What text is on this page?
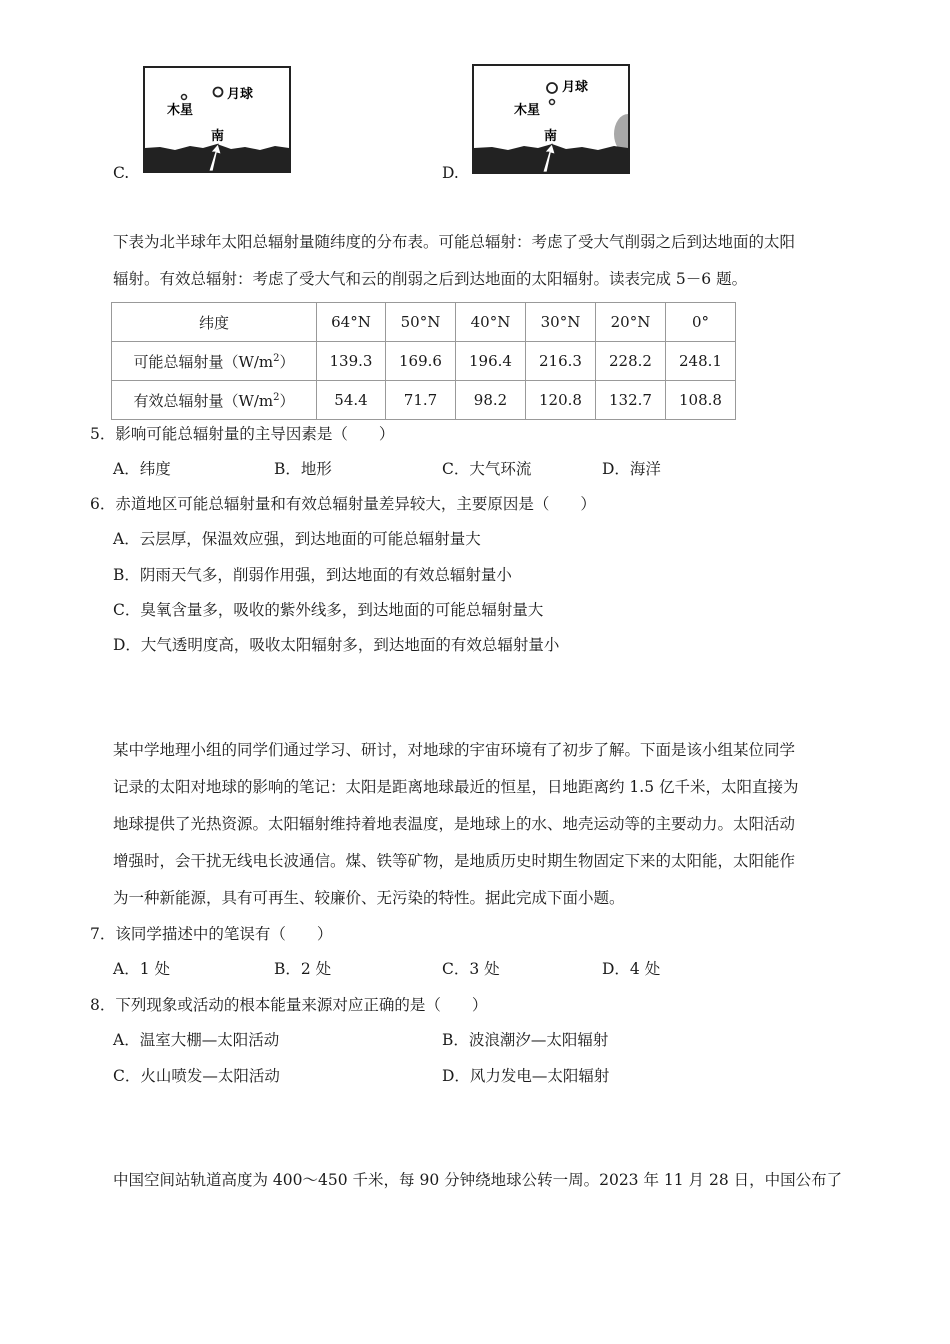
木星
月球
南
C.
月球
木星
南
D.
下表为北半球年太阳总辐射量随纬度的分布表。可能总辐射：考虑了受大气削弱之后到达地面的太阳
辐射。有效总辐射：考虑了受大气和云的削弱之后到达地面的太阳辐射。读表完成 5－6 题。
纬度	64°N	50°N	40°N	30°N	20°N	0°
可能总辐射量$(W/m^2)$	139.3	169.6	196.4	216.3	228.2	248.1
有效总辐射量$(W/m^2)$	54.4	71.7	98.2	120.8	132.7	108.8
5．影响可能总辐射量的主导因素是（　　）
A．纬度	B．地形	C．大气环流	D．海洋
6．赤道地区可能总辐射量和有效总辐射量差异较大，主要原因是（　　）
A．云层厚，保温效应强，到达地面的可能总辐射量大
B．阴雨天气多，削弱作用强，到达地面的有效总辐射量小
C．臭氧含量多，吸收的紫外线多，到达地面的可能总辐射量大
D．大气透明度高，吸收太阳辐射多，到达地面的有效总辐射量小
某中学地理小组的同学们通过学习、研讨，对地球的宇宙环境有了初步了解。下面是该小组某位同学
记录的太阳对地球的影响的笔记：太阳是距离地球最近的恒星，日地距离约 1.5 亿千米，太阳直接为
地球提供了光热资源。太阳辐射维持着地表温度，是地球上的水、地壳运动等的主要动力。太阳活动
增强时，会干扰无线电长波通信。煤、铁等矿物，是地质历史时期生物固定下来的太阳能，太阳能作
为一种新能源，具有可再生、较廉价、无污染的特性。据此完成下面小题。
7．该同学描述中的笔误有（　　）
A．1 处	B．2 处	C．3 处	D．4 处
8．下列现象或活动的根本能量来源对应正确的是（　　）
A．温室大棚—太阳活动	B．波浪潮汐—太阳辐射
C．火山喷发—太阳活动	D．风力发电—太阳辐射
中国空间站轨道高度为 400～450 千米，每 90 分钟绕地球公转一周。2023 年 11 月 28 日，中国公布了
